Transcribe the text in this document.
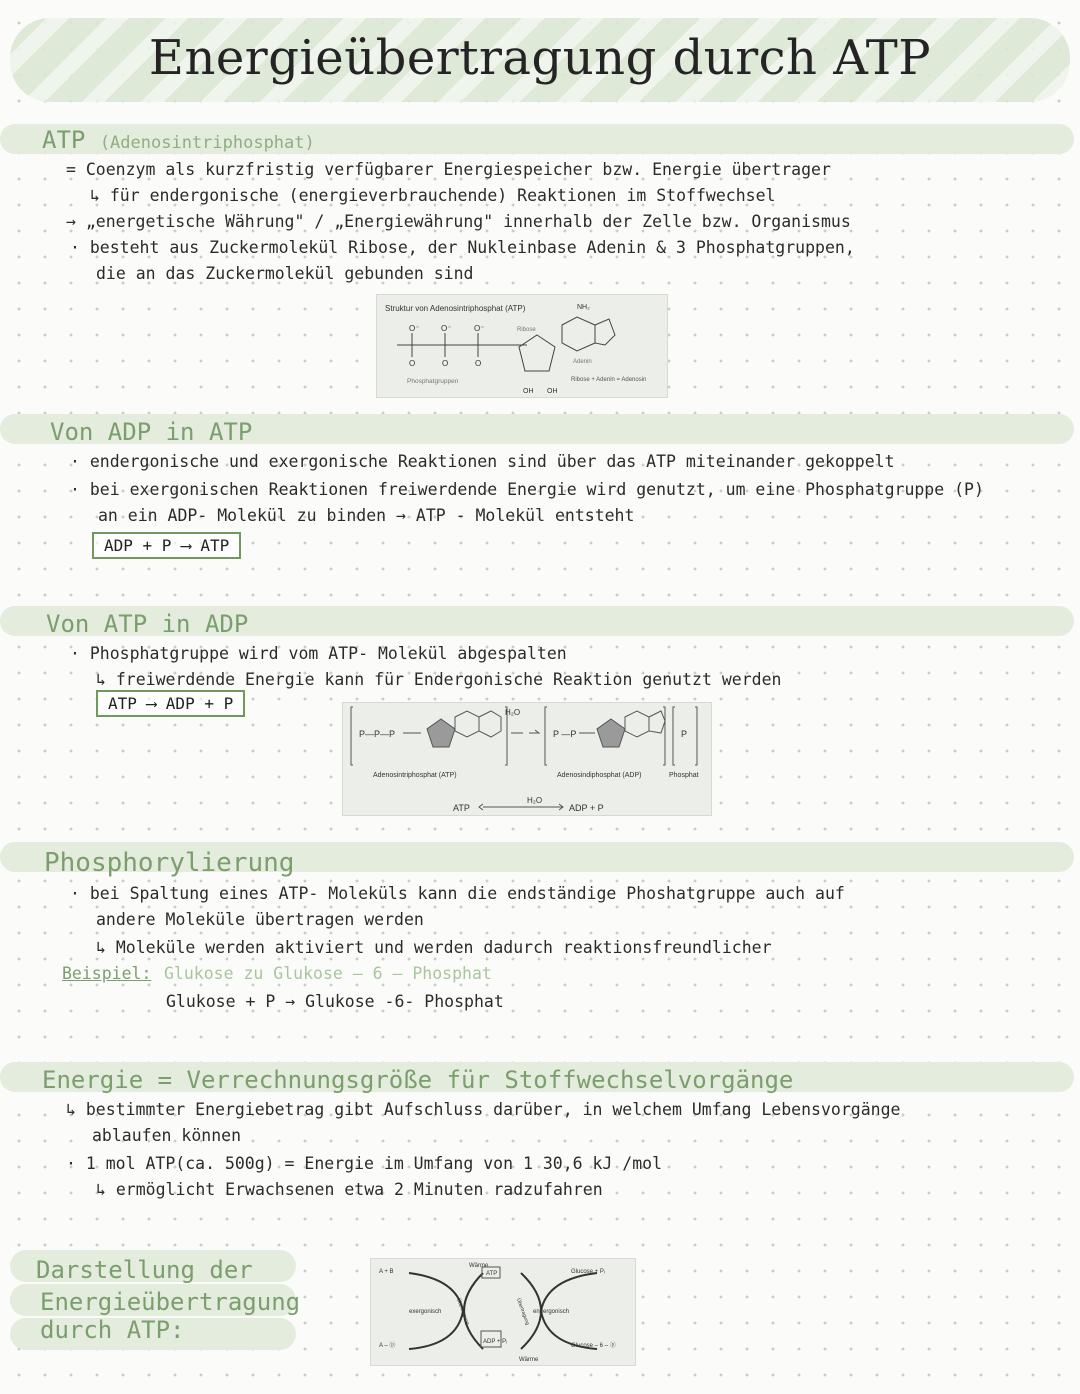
Energieübertragung durch ATP
ATP (Adenosintriphosphat)
= Coenzym als kurzfristig verfügbarer Energiespeicher bzw. Energie übertrager
↳ für endergonische (energieverbrauchende) Reaktionen im Stoffwechsel
→ „energetische Währung" / „Energiewährung" innerhalb der Zelle bzw. Organismus
· besteht aus Zuckermolekül Ribose, der Nukleinbase Adenin & 3 Phosphatgruppen,
die an das Zuckermolekül gebunden sind
Struktur von Adenosintriphosphat (ATP)
O⁻	O⁻	O⁻
O	O	O
Ribose
NH₂
Adenin
Phosphatgruppen	Ribose + Adenin = Adenosin
OH OH
Von ADP in ATP
· endergonische und exergonische Reaktionen sind über das ATP miteinander gekoppelt
· bei exergonischen Reaktionen freiwerdende Energie wird genutzt, um eine Phosphatgruppe (P)
an ein ADP- Molekül zu binden → ATP - Molekül entsteht
ADP + P ⟶ ATP
Von ATP in ADP
· Phosphatgruppe wird vom ATP- Molekül abgespalten
↳ freiwerdende Energie kann für Endergonische Reaktion genutzt werden
ATP ⟶ ADP + P
P—P—P	P —P	P
H₂O
Adenosintriphosphat (ATP)	Adenosindiphosphat (ADP)	Phosphat
H₂O
ATP	ADP + P
Phosphorylierung
· bei Spaltung eines ATP- Moleküls kann die endständige Phoshatgruppe auch auf
andere Moleküle übertragen werden
↳ Moleküle werden aktiviert und werden dadurch reaktionsfreundlicher
Beispiel: Glukose zu Glukose – 6 – Phosphat
Glukose + P → Glukose -6- Phosphat
Energie = Verrechnungsgröße für Stoffwechselvorgänge
↳ bestimmter Energiebetrag gibt Aufschluss darüber, in welchem Umfang Lebensvorgänge
ablaufen können
· 1 mol ATP(ca. 500g) = Energie im Umfang von 1 30,6 kJ /mol
↳ ermöglicht Erwachsenen etwa 2 Minuten radzufahren
Darstellung der
Energieübertragung
durch ATP:
A + B	Glucose + Pᵢ
A – ⓟ	Glucose – 6 – ⓟ
exergonisch	endergonisch
Wärme
Wärme
ATP
ADP + Pᵢ
Übertragung	Übertragung
